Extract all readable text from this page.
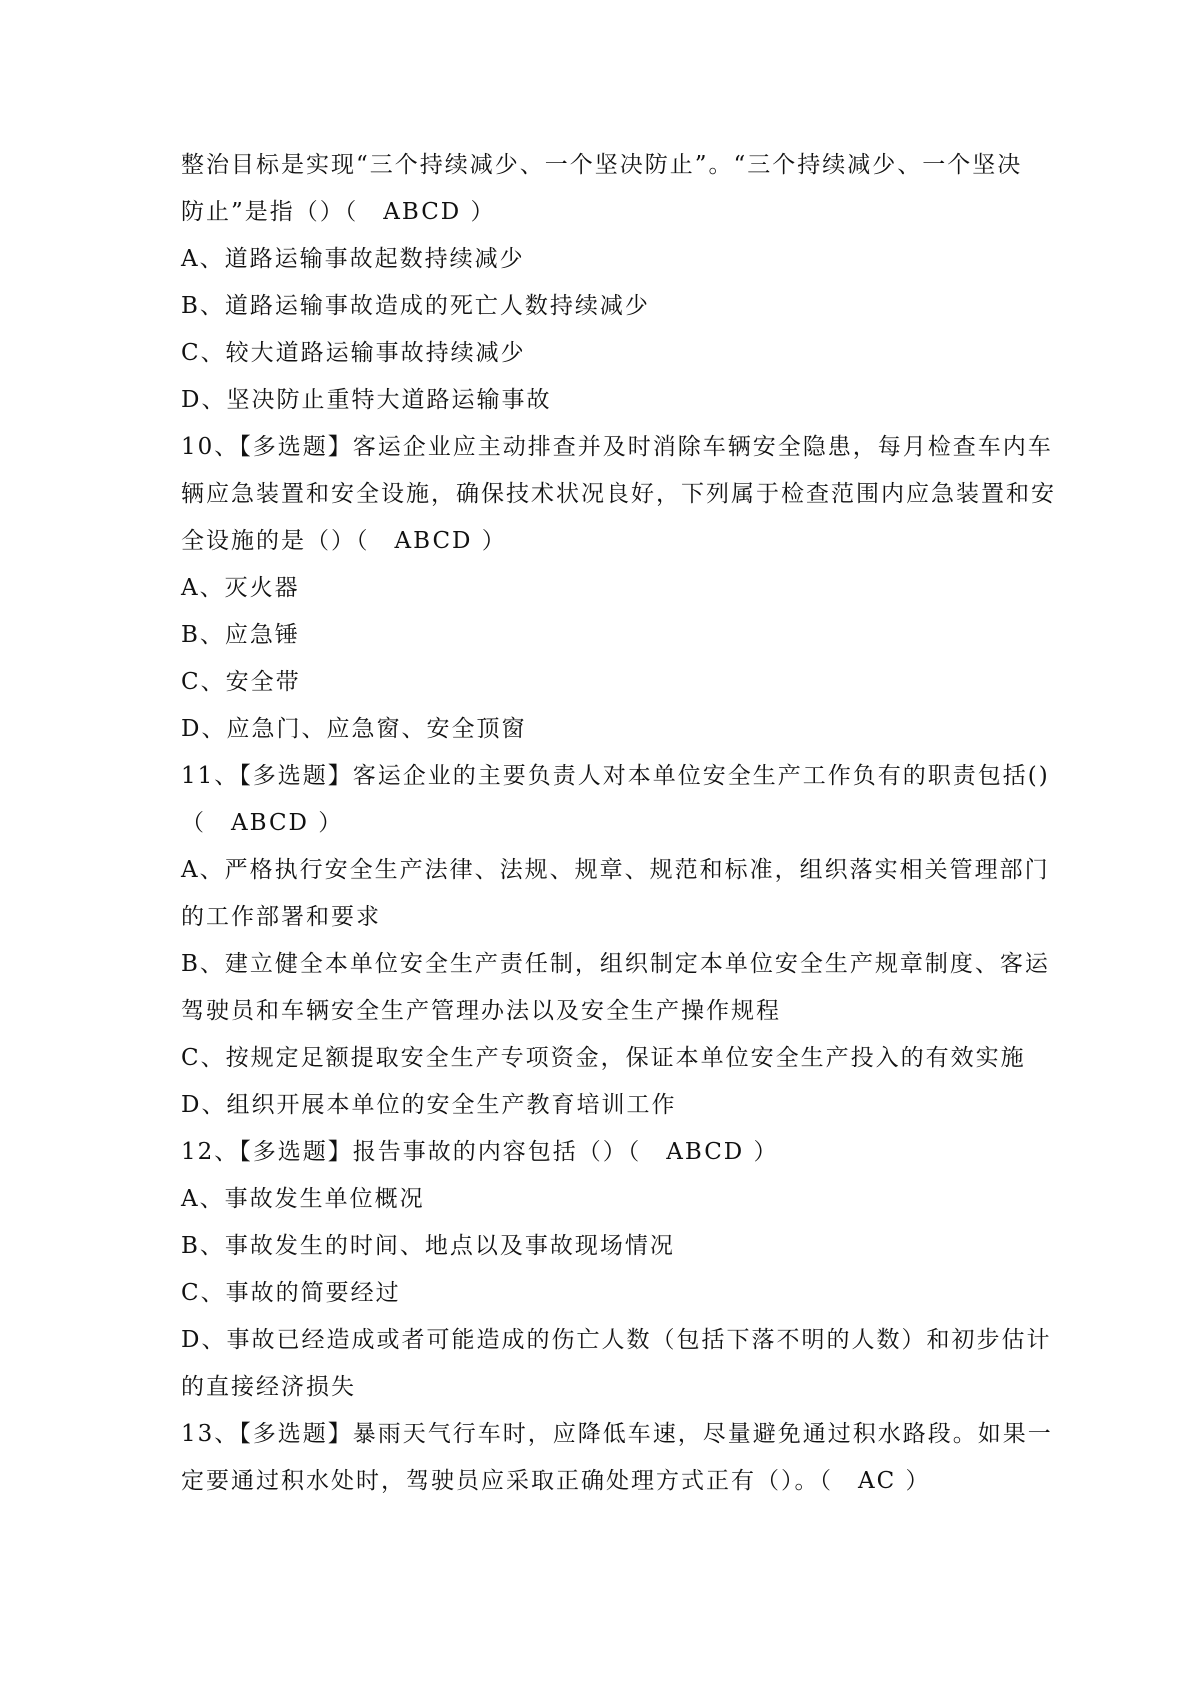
整治目标是实现“三个持续减少、一个坚决防止”。“三个持续减少、一个坚决
防止”是指（）（　ABCD ）
A、道路运输事故起数持续减少
B、道路运输事故造成的死亡人数持续减少
C、较大道路运输事故持续减少
D、坚决防止重特大道路运输事故
10、【多选题】客运企业应主动排查并及时消除车辆安全隐患，每月检查车内车
辆应急装置和安全设施，确保技术状况良好，下列属于检查范围内应急装置和安
全设施的是（）（　ABCD ）
A、灭火器
B、应急锤
C、安全带
D、应急门、应急窗、安全顶窗
11、【多选题】客运企业的主要负责人对本单位安全生产工作负有的职责包括()
（　ABCD ）
A、严格执行安全生产法律、法规、规章、规范和标准，组织落实相关管理部门
的工作部署和要求
B、建立健全本单位安全生产责任制，组织制定本单位安全生产规章制度、客运
驾驶员和车辆安全生产管理办法以及安全生产操作规程
C、按规定足额提取安全生产专项资金，保证本单位安全生产投入的有效实施
D、组织开展本单位的安全生产教育培训工作
12、【多选题】报告事故的内容包括（）（　ABCD ）
A、事故发生单位概况
B、事故发生的时间、地点以及事故现场情况
C、事故的简要经过
D、事故已经造成或者可能造成的伤亡人数（包括下落不明的人数）和初步估计
的直接经济损失
13、【多选题】暴雨天气行车时，应降低车速，尽量避免通过积水路段。如果一
定要通过积水处时，驾驶员应采取正确处理方式正有（）。（　AC ）
